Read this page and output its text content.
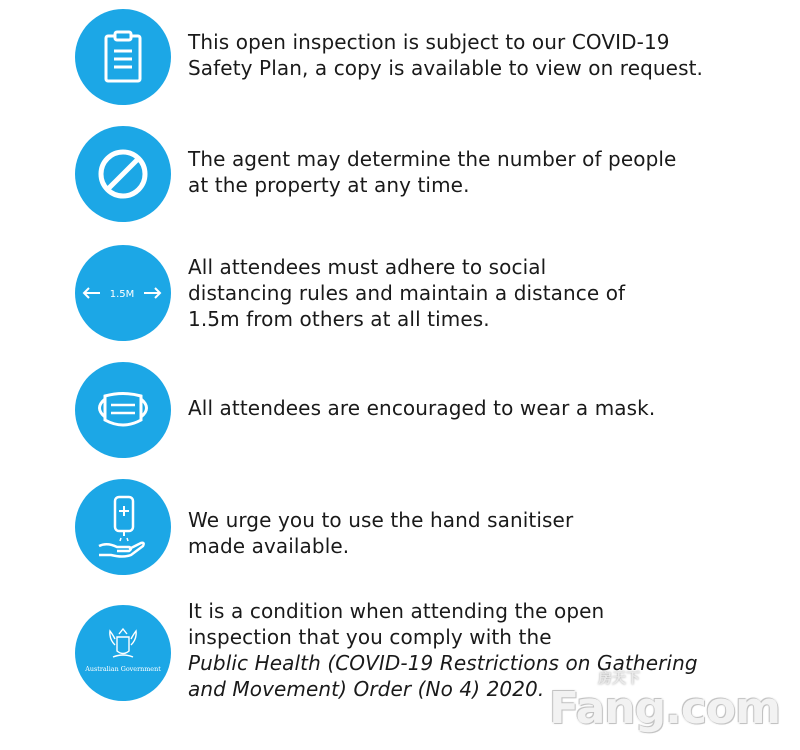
This open inspection is subject to our COVID-19
Safety Plan, a copy is available to view on request.
The agent may determine the number of people
at the property at any time.
1.5M
All attendees must adhere to social
distancing rules and maintain a distance of
1.5m from others at all times.
All attendees are encouraged to wear a mask.
We urge you to use the hand sanitiser
made available.
Australian Government
It is a condition when attending the open
inspection that you comply with the
Public Health (COVID-19 Restrictions on Gathering
and Movement) Order (No 4) 2020.	房天下
Fang.com
